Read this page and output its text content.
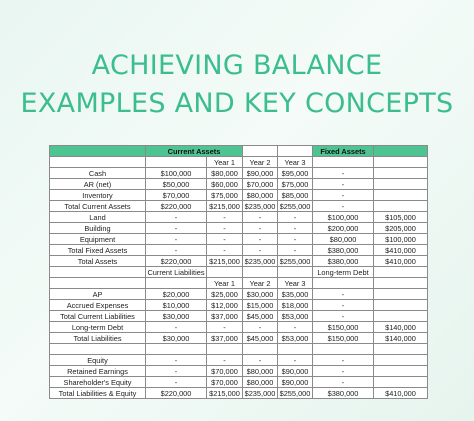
ACHIEVING BALANCE
EXAMPLES AND KEY CONCEPTS
	Current Assets				Fixed Assets	
		Year 1	Year 2	Year 3		
Cash	$100,000	$80,000	$90,000	$95,000	-	
AR (net)	$50,000	$60,000	$70,000	$75,000	-	
Inventory	$70,000	$75,000	$80,000	$85,000	-	
Total Current Assets	$220,000	$215,000	$235,000	$255,000	-	
Land	-	-	-	-	$100,000	$105,000
Building	-	-	-	-	$200,000	$205,000
Equipment	-	-	-	-	$80,000	$100,000
Total Fixed Assets	-	-	-	-	$380,000	$410,000
Total Assets	$220,000	$215,000	$235,000	$255,000	$380,000	$410,000
	Current Liabilities				Long-term Debt	
		Year 1	Year 2	Year 3		
AP	$20,000	$25,000	$30,000	$35,000	-	
Accrued Expenses	$10,000	$12,000	$15,000	$18,000	-	
Total Current Liabilities	$30,000	$37,000	$45,000	$53,000	-	
Long-term Debt	-	-	-	-	$150,000	$140,000
Total Liabilities	$30,000	$37,000	$45,000	$53,000	$150,000	$140,000

Equity	-	-	-	-	-	
Retained Earnings	-	$70,000	$80,000	$90,000	-	
Shareholder's Equity	-	$70,000	$80,000	$90,000	-	
Total Liabilities & Equity	$220,000	$215,000	$235,000	$255,000	$380,000	$410,000
